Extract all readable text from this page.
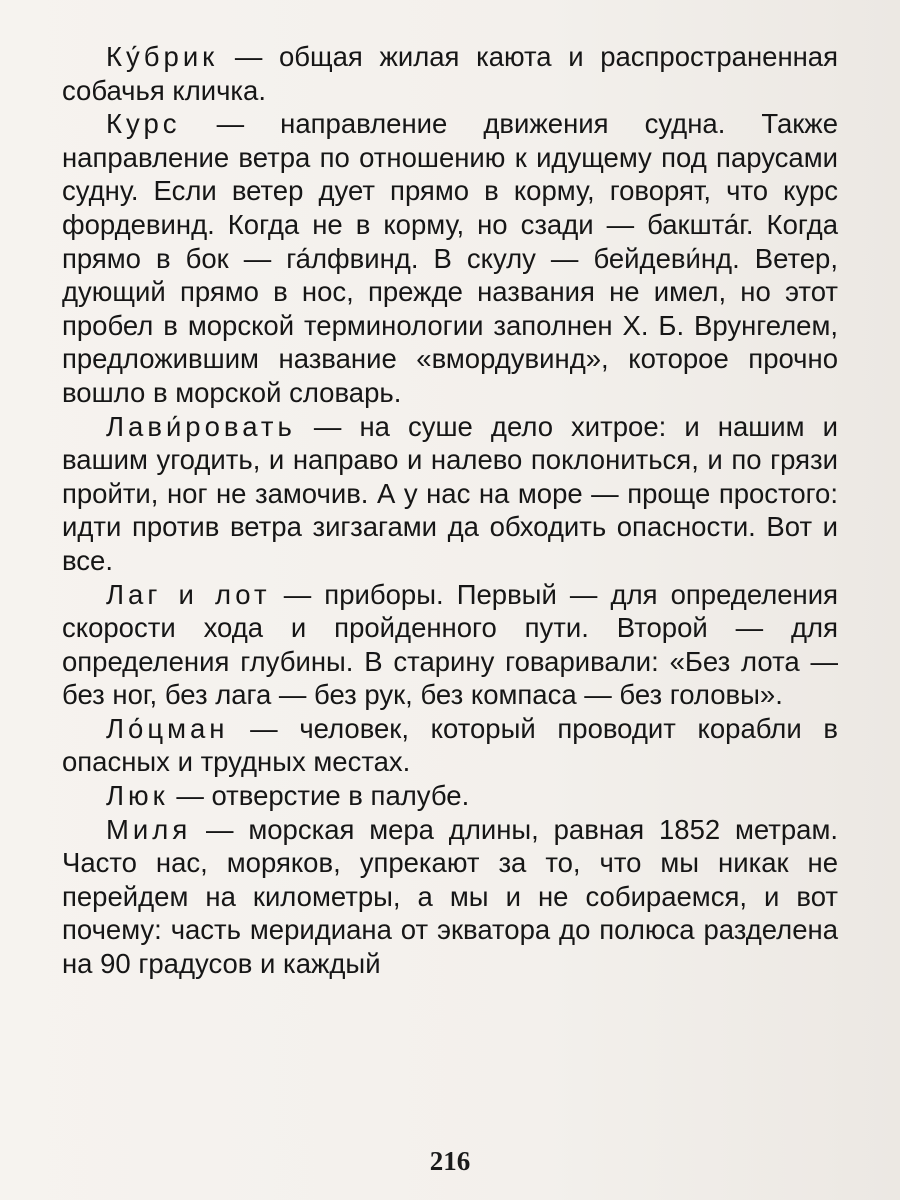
Ку́брик — общая жилая каюта и распространенная собачья кличка.

Курс — направление движения судна. Также направление ветра по отношению к идущему под парусами судну. Если ветер дует прямо в корму, говорят, что курс фордевинд. Когда не в корму, но сзади — бакшта́г. Когда прямо в бок — га́лфвинд. В скулу — бейдеви́нд. Ветер, дующий прямо в нос, прежде названия не имел, но этот пробел в морской терминологии заполнен Х. Б. Врунгелем, предложившим название «вмордувинд», которое прочно вошло в морской словарь.

Лави́ровать — на суше дело хитрое: и нашим и вашим угодить, и направо и налево поклониться, и по грязи пройти, ног не замочив. А у нас на море — проще простого: идти против ветра зигзагами да обходить опасности. Вот и все.

Лаг и лот — приборы. Первый — для определения скорости хода и пройденного пути. Второй — для определения глубины. В старину говаривали: «Без лота — без ног, без лага — без рук, без компаса — без головы».

Ло́цман — человек, который проводит корабли в опасных и трудных местах.

Люк — отверстие в палубе.

Миля — морская мера длины, равная 1852 метрам. Часто нас, моряков, упрекают за то, что мы никак не перейдем на километры, а мы и не собираемся, и вот почему: часть меридиана от экватора до полюса разделена на 90 градусов и каждый

216
